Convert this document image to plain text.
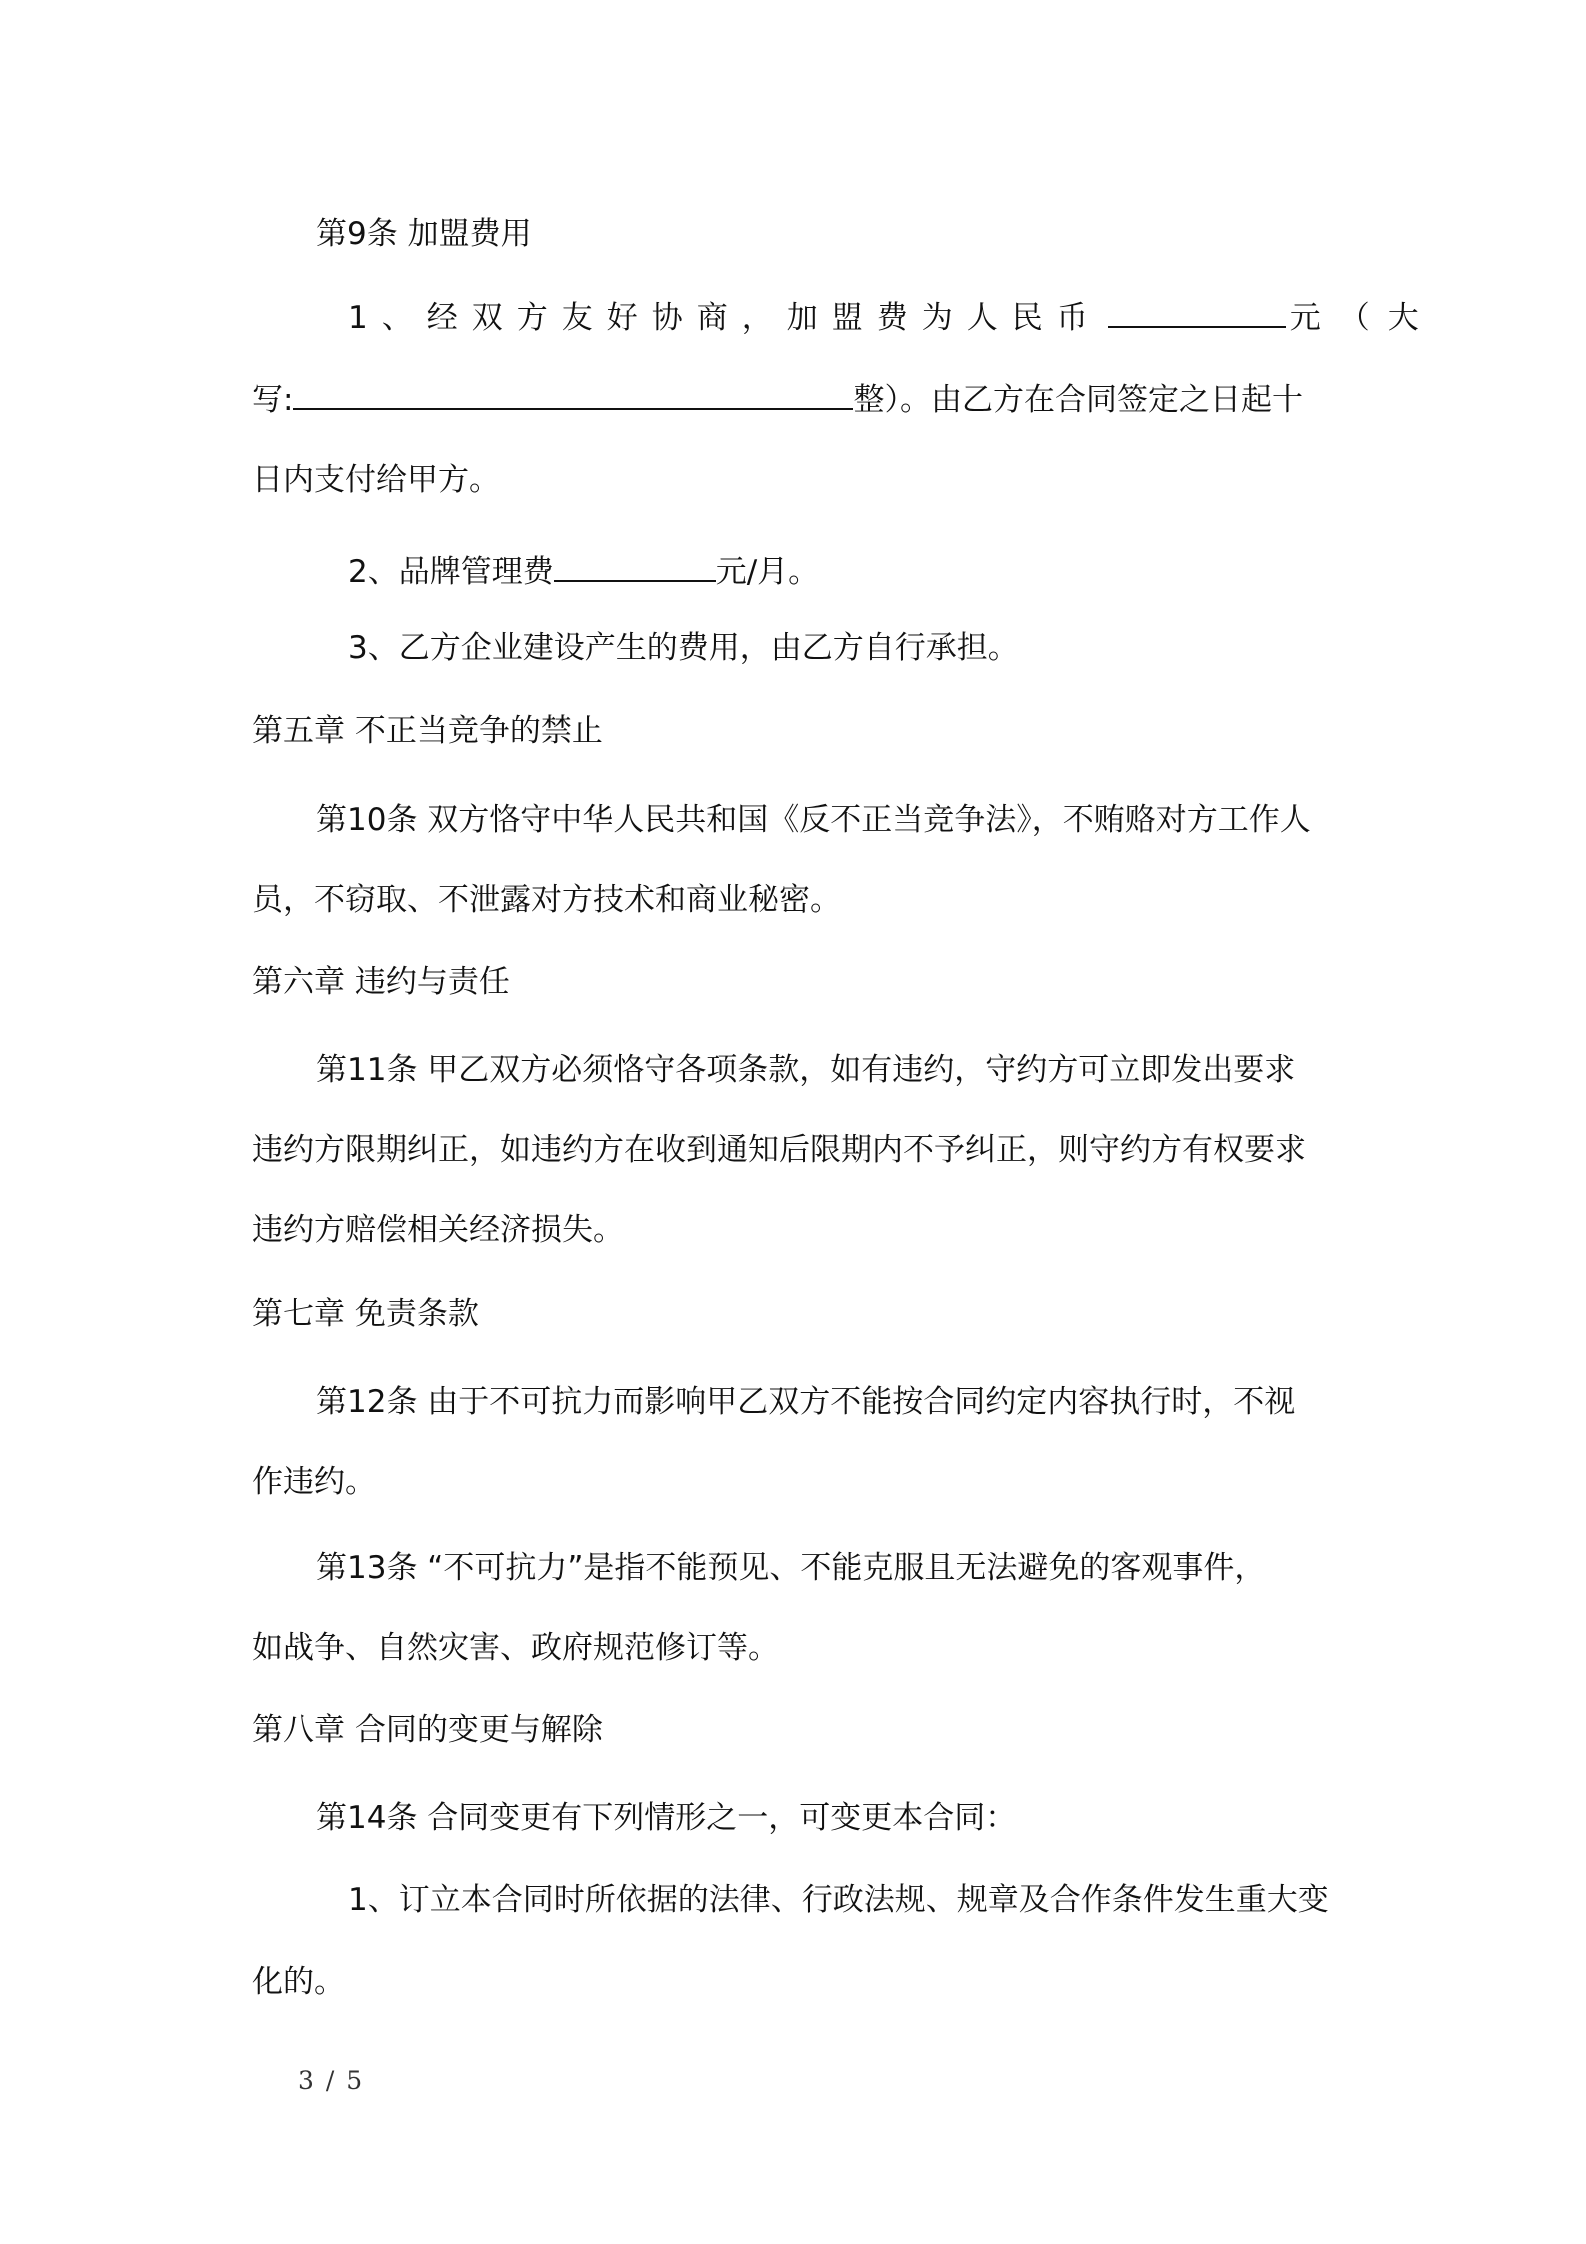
第9条 加盟费用

1、经双方友好协商，加盟费为人民币	元（大

写:	整）。由乙方在合同签定之日起十

日内支付给甲方。

2、品牌管理费	元/月。

3、乙方企业建设产生的费用，由乙方自行承担。

第五章 不正当竞争的禁止

第10条 双方恪守中华人民共和国《反不正当竞争法》，不贿赂对方工作人

员，不窃取、不泄露对方技术和商业秘密。

第六章 违约与责任

第11条 甲乙双方必须恪守各项条款，如有违约，守约方可立即发出要求

违约方限期纠正，如违约方在收到通知后限期内不予纠正，则守约方有权要求

违约方赔偿相关经济损失。

第七章 免责条款

第12条 由于不可抗力而影响甲乙双方不能按合同约定内容执行时，不视

作违约。

第13条 “不可抗力”是指不能预见、不能克服且无法避免的客观事件，

如战争、自然灾害、政府规范修订等。

第八章 合同的变更与解除

第14条 合同变更有下列情形之一，可变更本合同：

1、订立本合同时所依据的法律、行政法规、规章及合作条件发生重大变

化的。

3 / 5
